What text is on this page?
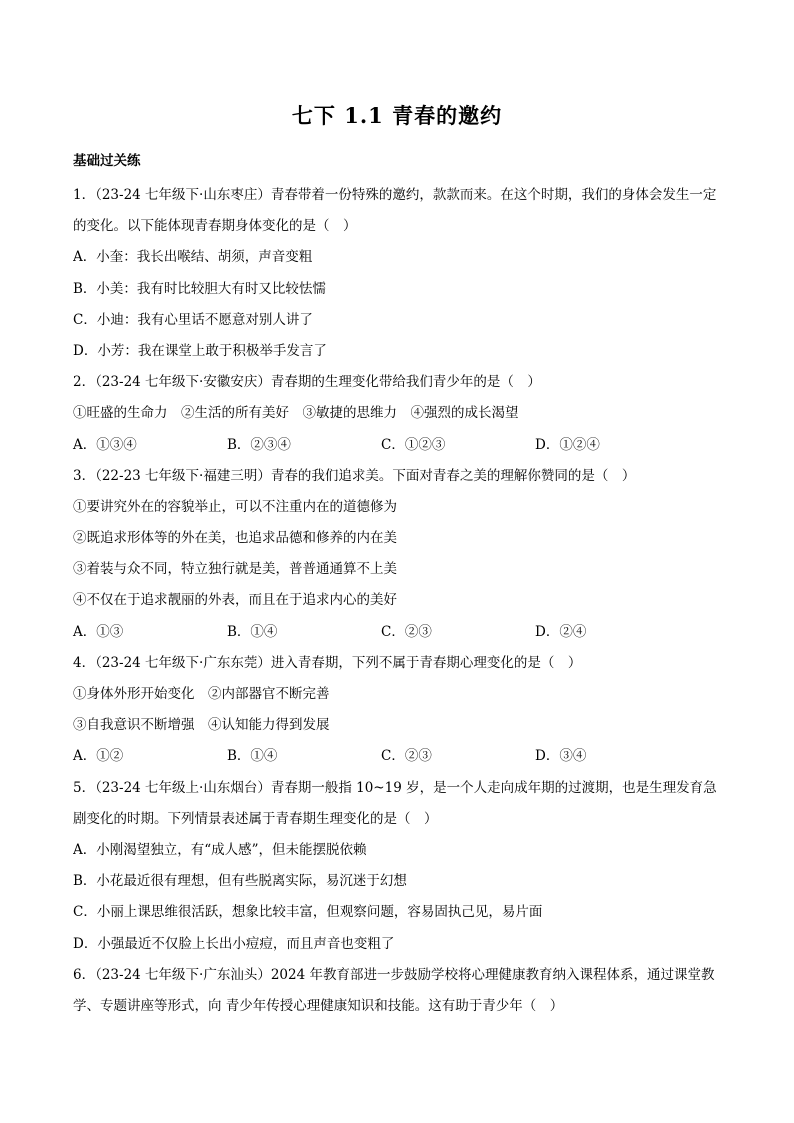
七下 1.1 青春的邀约
基础过关练
1．（23-24 七年级下·山东枣庄）青春带着一份特殊的邀约，款款而来。在这个时期，我们的身体会发生一定的变化。以下能体现青春期身体变化的是（　）
A．小奎：我长出喉结、胡须，声音变粗
B．小美：我有时比较胆大有时又比较怯懦
C．小迪：我有心里话不愿意对别人讲了
D．小芳：我在课堂上敢于积极举手发言了
2．（23-24 七年级下·安徽安庆）青春期的生理变化带给我们青少年的是（　）
①旺盛的生命力　②生活的所有美好　③敏捷的思维力　④强烈的成长渴望
A．①③④	B．②③④	C．①②③	D．①②④
3．（22-23 七年级下·福建三明）青春的我们追求美。下面对青春之美的理解你赞同的是（　）
①要讲究外在的容貌举止，可以不注重内在的道德修为
②既追求形体等的外在美，也追求品德和修养的内在美
③着装与众不同，特立独行就是美，普普通通算不上美
④不仅在于追求靓丽的外表，而且在于追求内心的美好
A．①③	B．①④	C．②③	D．②④
4．（23-24 七年级下·广东东莞）进入青春期，下列不属于青春期心理变化的是（　）
①身体外形开始变化　②内部器官不断完善
③自我意识不断增强　④认知能力得到发展
A．①②	B．①④	C．②③	D．③④
5．（23-24 七年级上·山东烟台）青春期一般指 10~19 岁，是一个人走向成年期的过渡期，也是生理发育急剧变化的时期。下列情景表述属于青春期生理变化的是（　）
A．小刚渴望独立，有“成人感”，但未能摆脱依赖
B．小花最近很有理想，但有些脱离实际，易沉迷于幻想
C．小丽上课思维很活跃，想象比较丰富，但观察问题，容易固执己见，易片面
D．小强最近不仅脸上长出小痘痘，而且声音也变粗了
6．（23-24 七年级下·广东汕头）2024 年教育部进一步鼓励学校将心理健康教育纳入课程体系，通过课堂教学、专题讲座等形式，向 青少年传授心理健康知识和技能。这有助于青少年（　）
